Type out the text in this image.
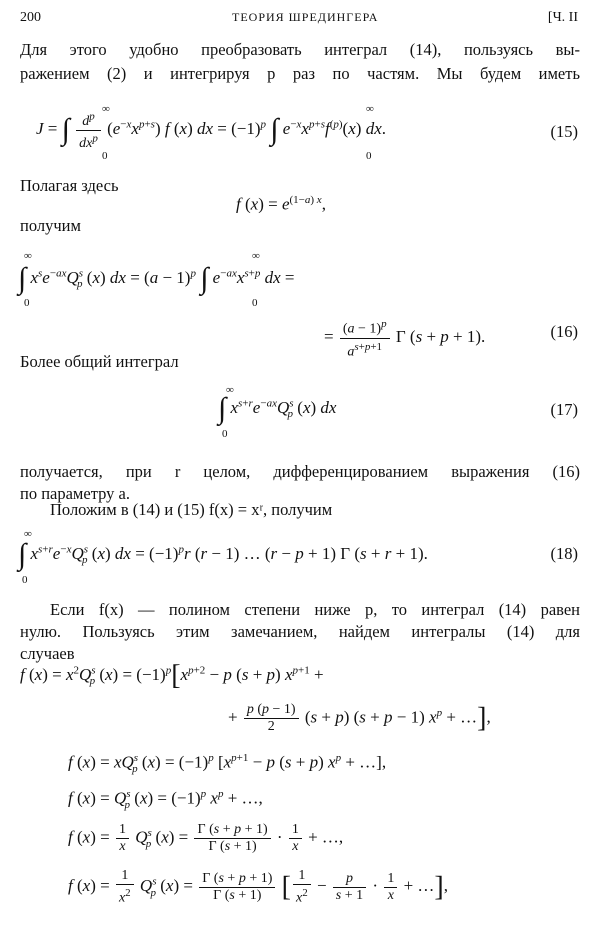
200	ТЕОРИЯ ШРЕДИНГЕРА	[Ч. II
Для этого удобно преобразовать интеграл (14), пользуясь вы-
ражением (2) и интегрируя p раз по частям. Мы будем иметь
J = ∫ $\frac{d^p}{dx^p} (e^{-x}x^{p+s})$ f (x) dx = $(-1)^p$ ∫ $e^{-x}x^{p+s}f^{(p)}(x)$ dx.
∞
0
∞
0
(15)
Полагая здесь
f $(x) = e^{(1-a) x}$,
получим
∫ $x^se^{-ax}Q^s_p$ (x) dx = $(a - 1)^p$ ∫ $e^{-ax}x^{s+p}$ dx =
∞
0
∞
0
= $\frac{(a - 1)^p}{a^{s+p+1}}$ Γ (s + p + 1).	(16)
Более общий интеграл
∫ $x^{s+r}e^{-ax}Q^s_p$ (x) dx
∞
0
(17)
получается, при r целом, дифференцированием выражения (16)
по параметру a.
Положим в (14) и (15) f(x) = xʳ, получим
∫ $x^{s+r}e^{-x}Q^s_p$ (x) dx = $(-1)^pr$ (r − 1) … (r − p + 1) Γ (s + r + 1).
∞
0
(18)
Если f(x) — полином степени ниже p, то интеграл (14) равен
нулю. Пользуясь этим замечанием, найдем интегралы (14) для
случаев
f $(x) = x^2Q^s_p$ $(x) = (-1)^p[x^{p+2} - p$ (s + p) $x^{p+1}$ +
+ $\frac{p (p - 1)}{2} (s + p) (s + p - 1) x^p$ + …],
f $(x) = xQ^s_p$ $(x) = (-1)^p$ [$x^{p+1} - p$ (s + p) $x^p$ + …],
f $(x) = Q^s_p$ $(x) = (-1)^p$ $x^p$ + …,
f $(x) = \frac{1}{x} Q^s_p$ $(x) = \frac{\Gamma (s + p + 1)}{\Gamma (s + 1)} \cdot \frac{1}{x}$ + …,
f $(x) = \frac{1}{x^2} Q^s_p$ $(x) = \frac{\Gamma (s + p + 1)}{\Gamma (s + 1)}$ [ $\frac{1}{x^2} - \frac{p}{s + 1} \cdot \frac{1}{x}$ + …],
